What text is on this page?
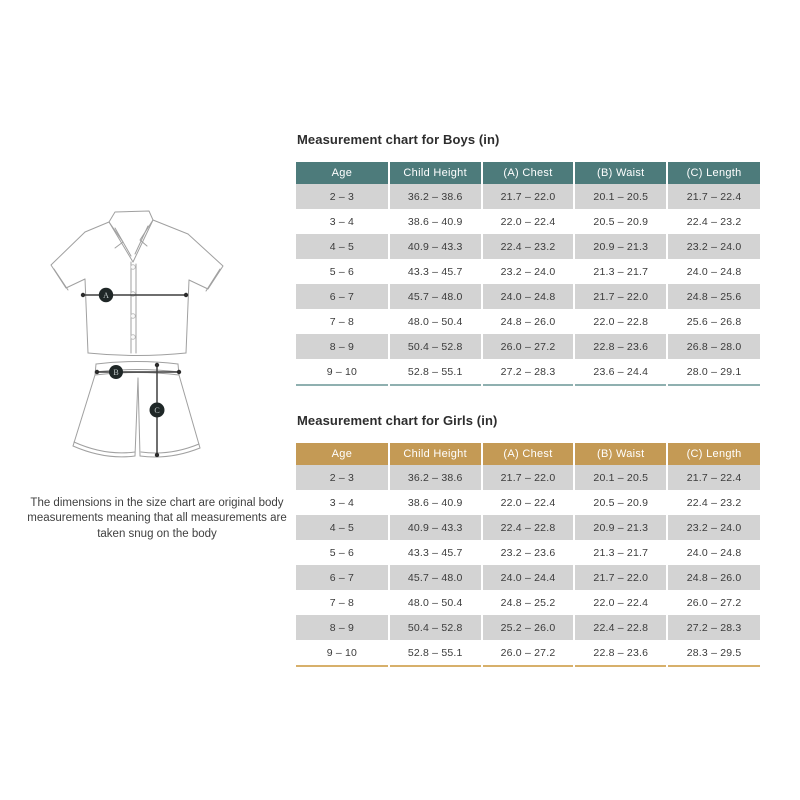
A
B
C

The dimensions in the size chart are original body measurements meaning that all measurements are taken snug on the body

Measurement chart for Boys (in)
Age	Child Height	(A) Chest	(B) Waist	(C) Length
2 – 3	36.2 – 38.6	21.7 – 22.0	20.1 – 20.5	21.7 – 22.4
3 – 4	38.6 – 40.9	22.0 – 22.4	20.5 – 20.9	22.4 – 23.2
4 – 5	40.9 – 43.3	22.4 – 23.2	20.9 – 21.3	23.2 – 24.0
5 – 6	43.3 – 45.7	23.2 – 24.0	21.3 – 21.7	24.0 – 24.8
6 – 7	45.7 – 48.0	24.0 – 24.8	21.7 – 22.0	24.8 – 25.6
7 – 8	48.0 – 50.4	24.8 – 26.0	22.0 – 22.8	25.6 – 26.8
8 – 9	50.4 – 52.8	26.0 – 27.2	22.8 – 23.6	26.8 – 28.0
9 – 10	52.8 – 55.1	27.2 – 28.3	23.6 – 24.4	28.0 – 29.1
Measurement chart for Girls (in)
Age	Child Height	(A) Chest	(B) Waist	(C) Length
2 – 3	36.2 – 38.6	21.7 – 22.0	20.1 – 20.5	21.7 – 22.4
3 – 4	38.6 – 40.9	22.0 – 22.4	20.5 – 20.9	22.4 – 23.2
4 – 5	40.9 – 43.3	22.4 – 22.8	20.9 – 21.3	23.2 – 24.0
5 – 6	43.3 – 45.7	23.2 – 23.6	21.3 – 21.7	24.0 – 24.8
6 – 7	45.7 – 48.0	24.0 – 24.4	21.7 – 22.0	24.8 – 26.0
7 – 8	48.0 – 50.4	24.8 – 25.2	22.0 – 22.4	26.0 – 27.2
8 – 9	50.4 – 52.8	25.2 – 26.0	22.4 – 22.8	27.2 – 28.3
9 – 10	52.8 – 55.1	26.0 – 27.2	22.8 – 23.6	28.3 – 29.5
